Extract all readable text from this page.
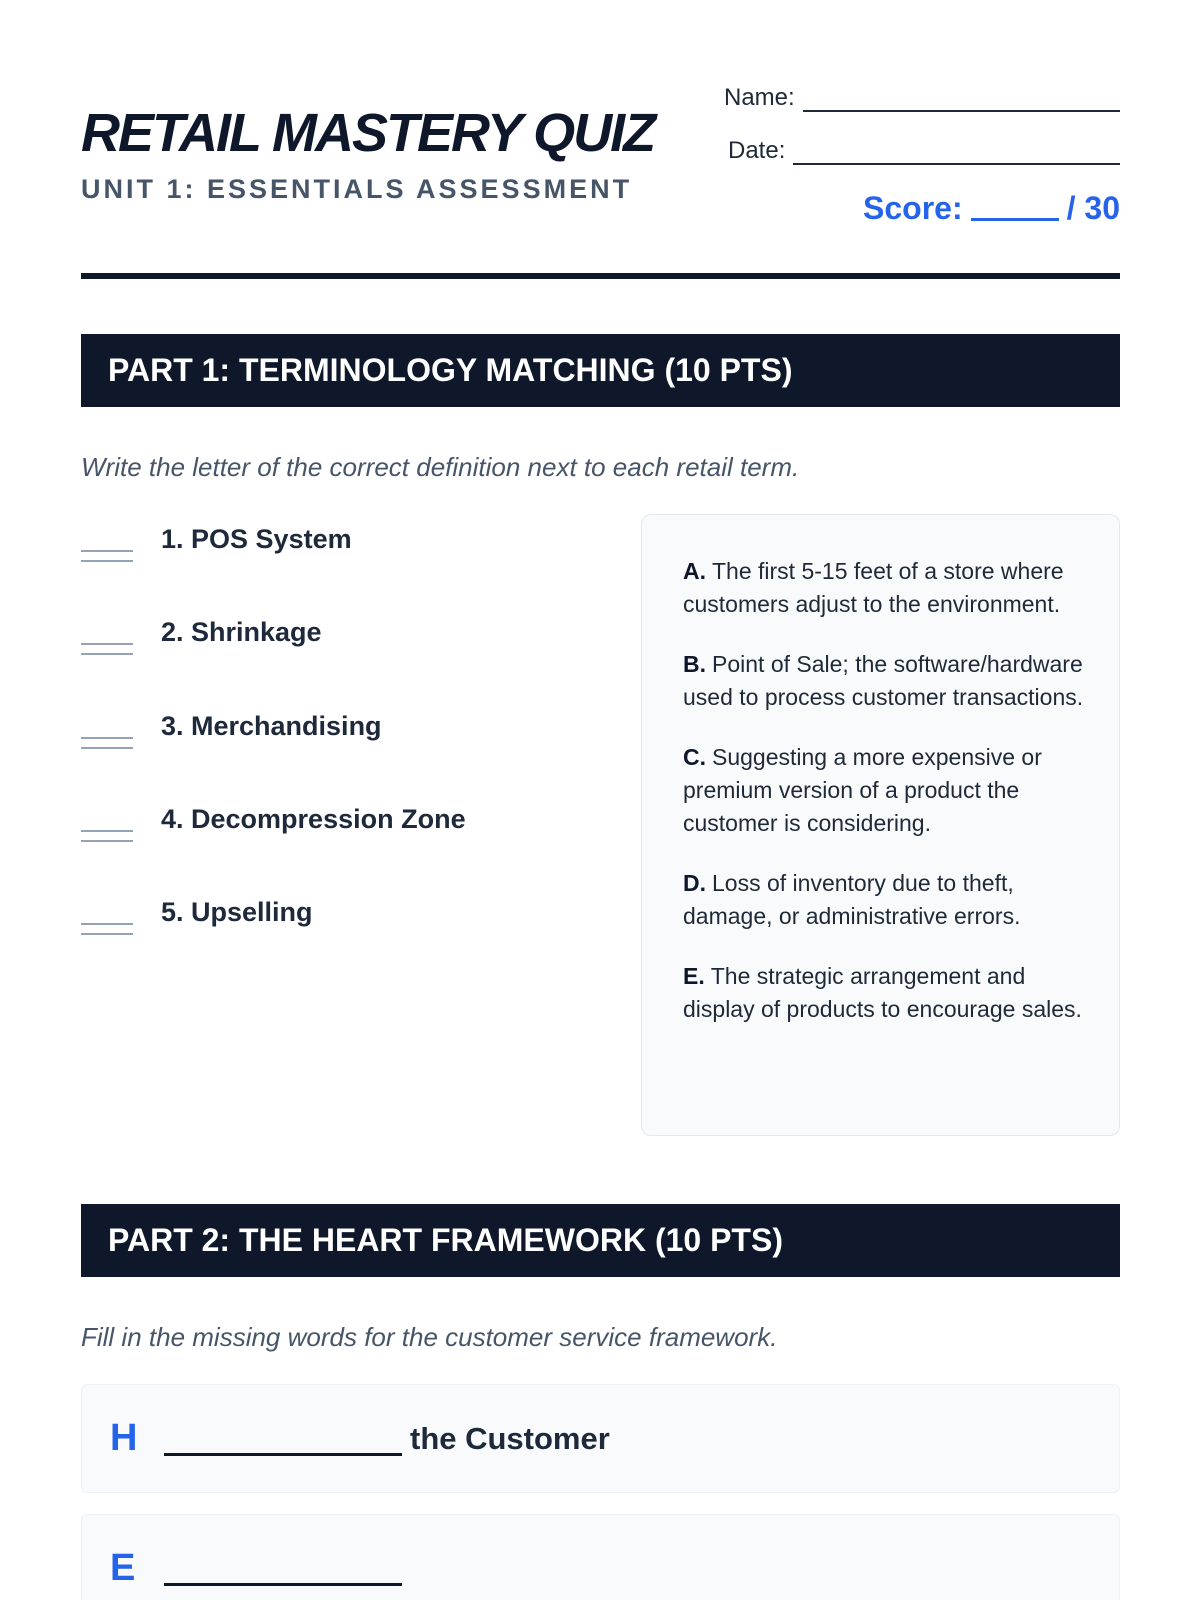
RETAIL MASTERY QUIZ
UNIT 1: ESSENTIALS ASSESSMENT
Name:
Date:
Score:	/ 30
PART 1: TERMINOLOGY MATCHING (10 PTS)
Write the letter of the correct definition next to each retail term.
1. POS System
2. Shrinkage
3. Merchandising
4. Decompression Zone
5. Upselling
A. The first 5-15 feet of a store where customers adjust to the environment.
B. Point of Sale; the software/hardware used to process customer transactions.
C. Suggesting a more expensive or premium version of a product the customer is considering.
D. Loss of inventory due to theft, damage, or administrative errors.
E. The strategic arrangement and display of products to encourage sales.
PART 2: THE HEART FRAMEWORK (10 PTS)
Fill in the missing words for the customer service framework.
H	the Customer
E
